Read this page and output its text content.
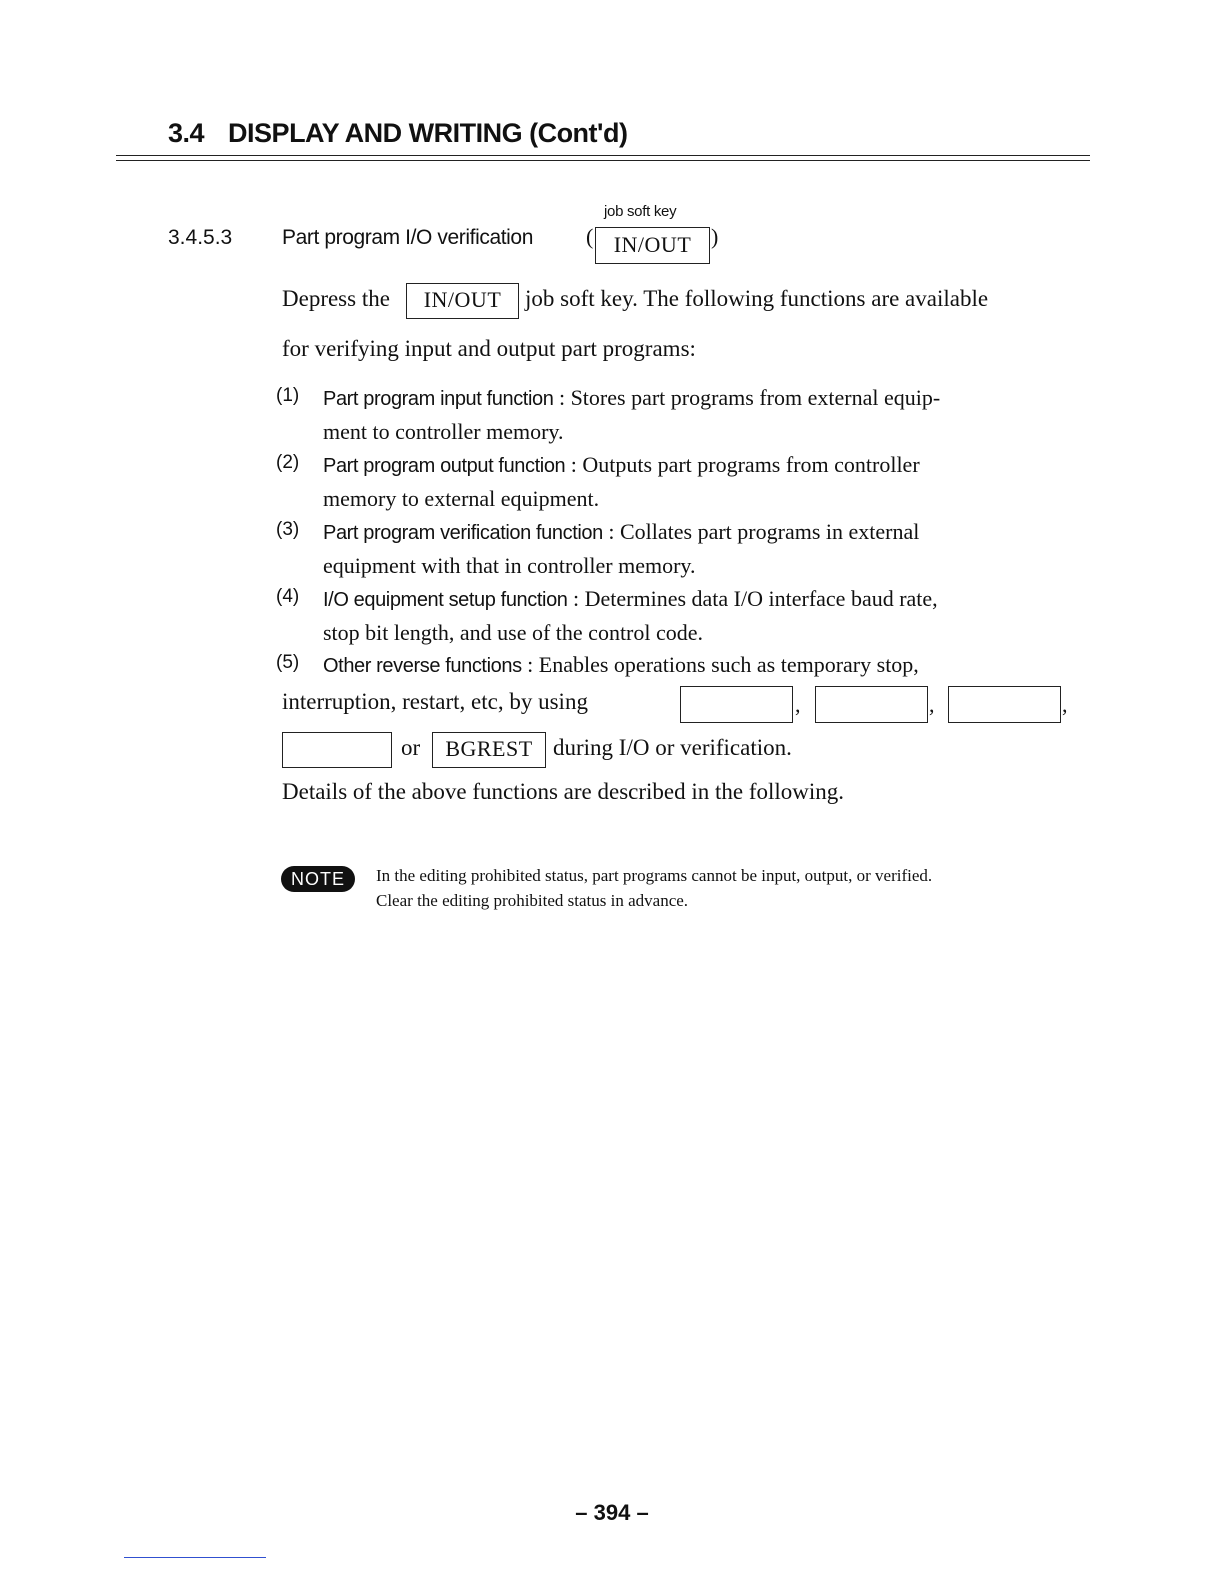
3.4 DISPLAY AND WRITING (Cont'd)
3.4.5.3 Part program I/O verification
job soft key
( IN/OUT )
Depress the	IN/OUT	job soft key. The following functions are available
for verifying input and output part programs:
(1) Part program input function : Stores part programs from external equip-
ment to controller memory.
(2) Part program output function : Outputs part programs from controller
memory to external equipment.
(3) Part program verification function : Collates part programs in external
equipment with that in controller memory.
(4) I/O equipment setup function : Determines data I/O interface baud rate,
stop bit length, and use of the control code.
(5) Other reverse functions : Enables operations such as temporary stop,
interruption, restart, etc, by using	,	,	,
or	BGREST during I/O or verification.
Details of the above functions are described in the following.
NOTE	In the editing prohibited status, part programs cannot be input, output, or verified.
Clear the editing prohibited status in advance.
– 394 –
